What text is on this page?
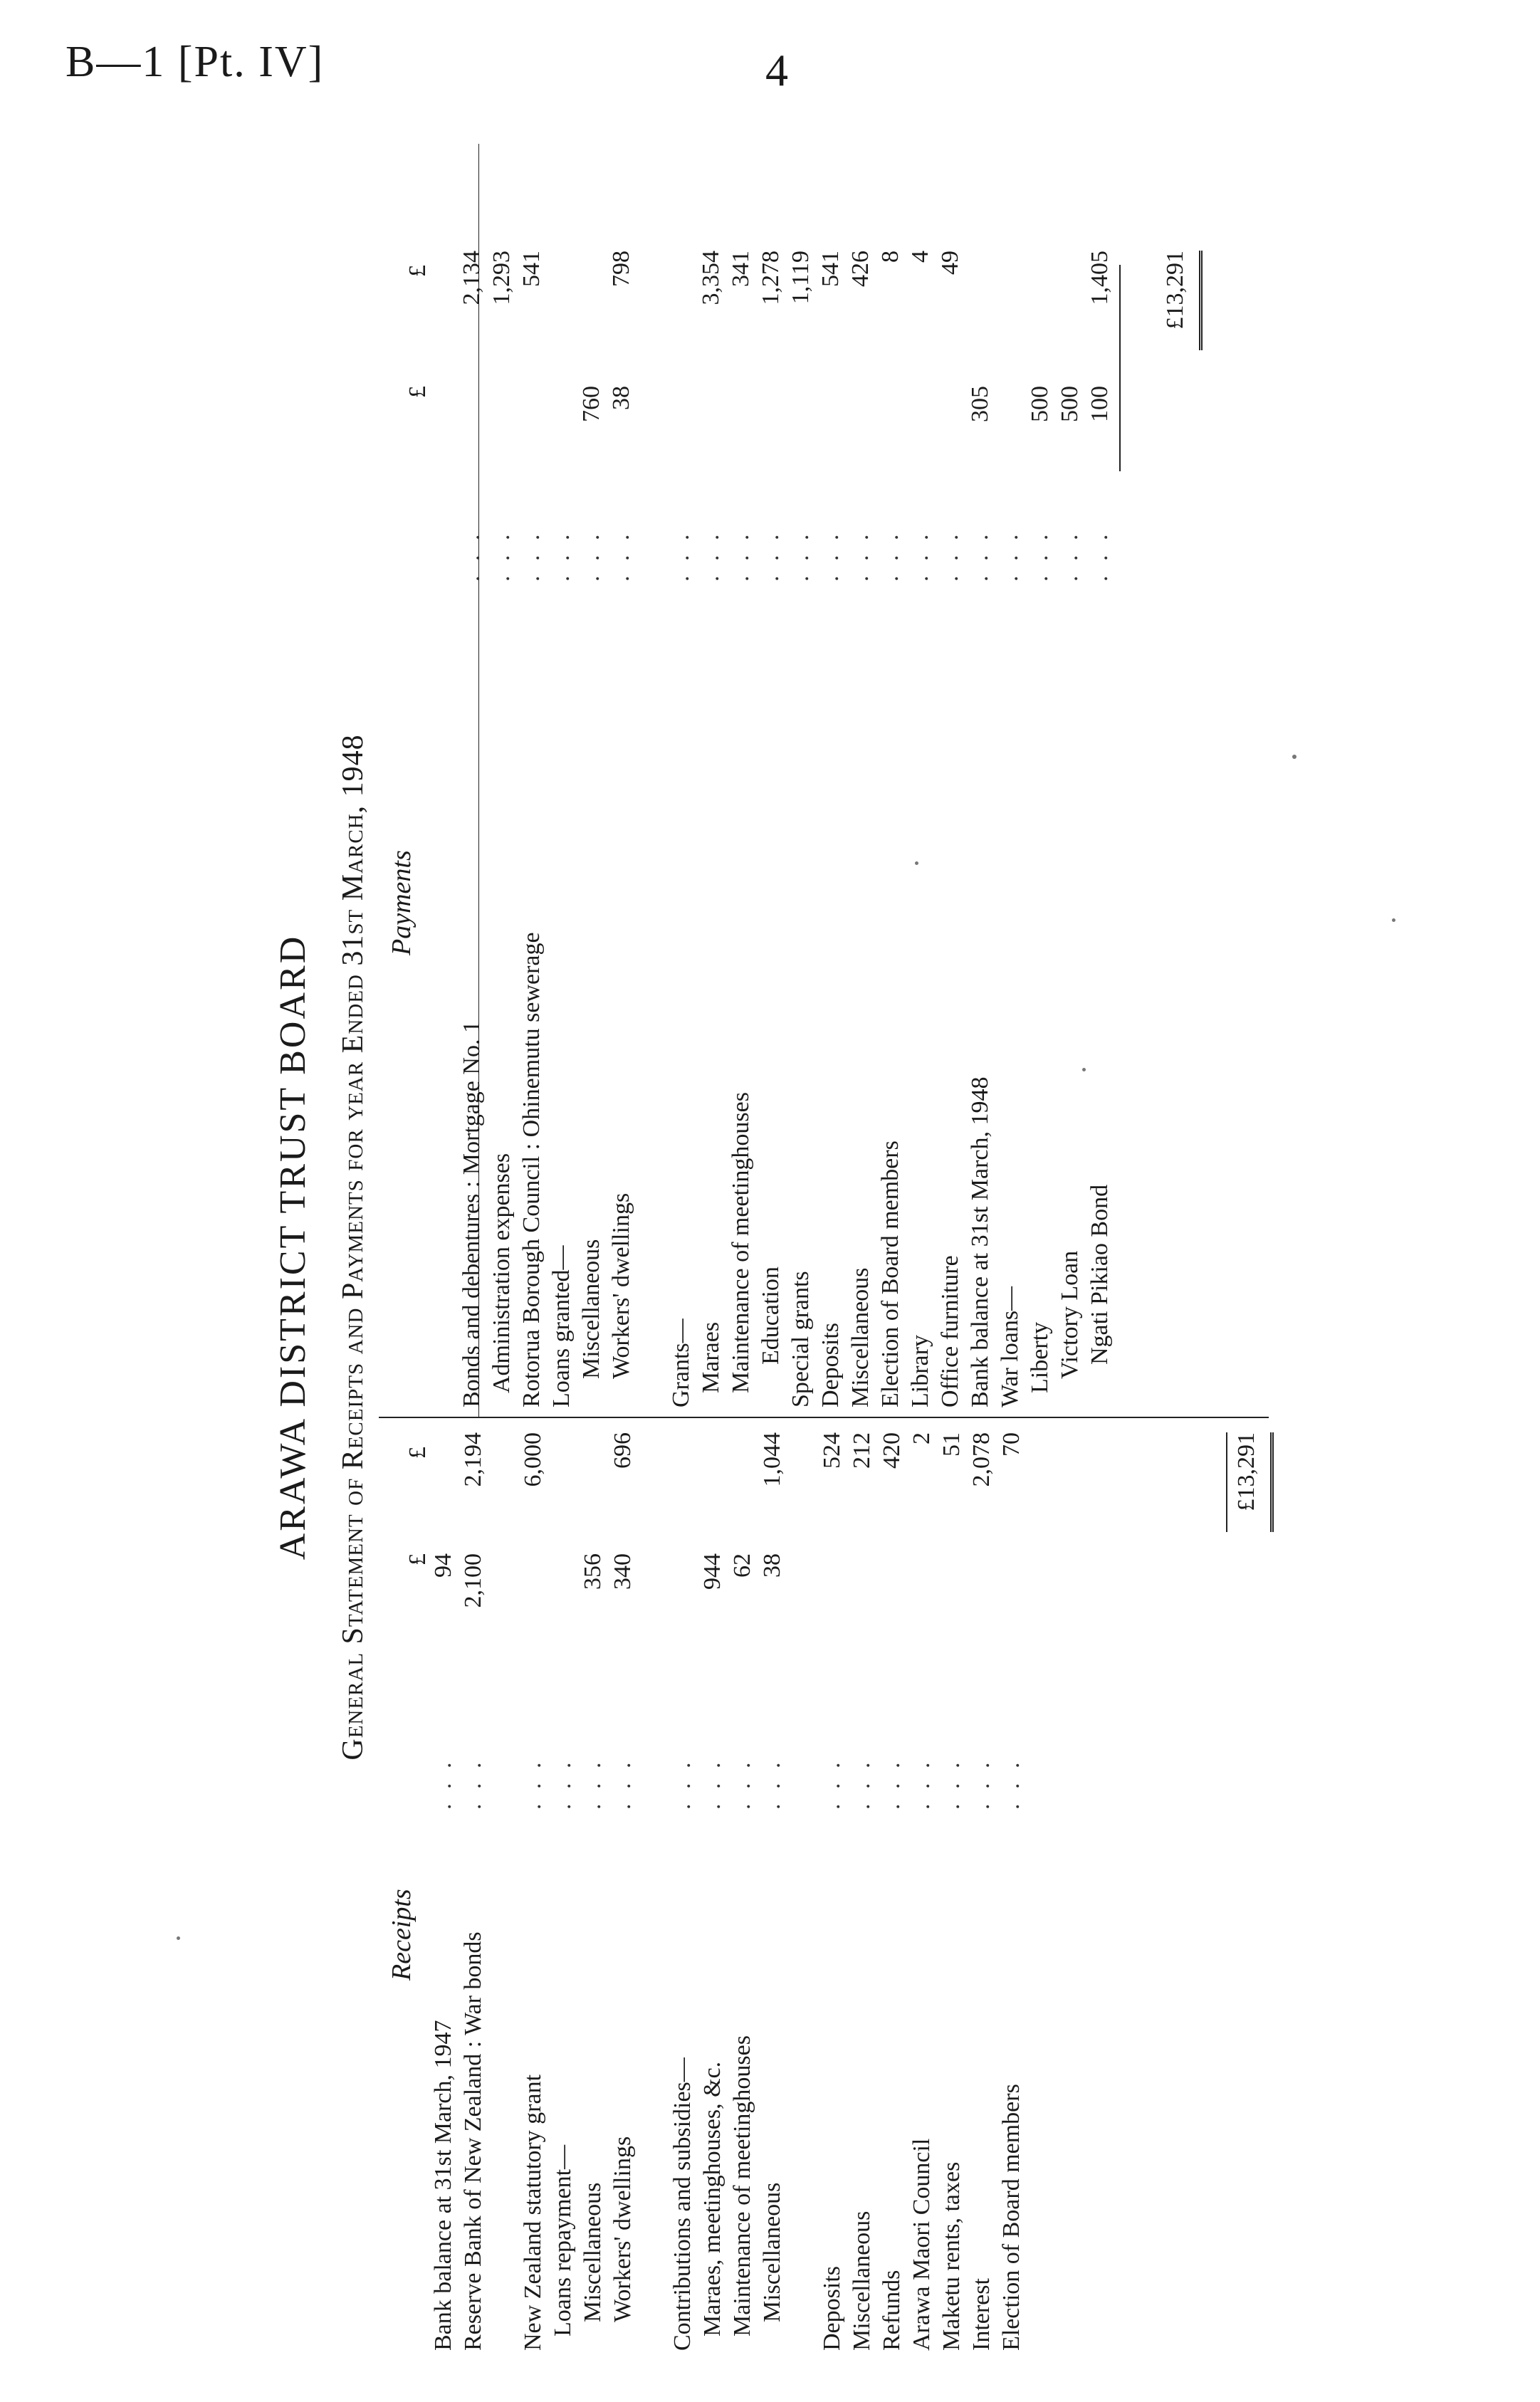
B—1 [Pt. IV]	4
ARAWA DISTRICT TRUST BOARD General Statement of Receipts and Payments for year Ended 31st March, 1948
Receipts
£
£
Bank balance at 31st March, 1947
. . .
94
Reserve Bank of New Zealand : War bonds
. . .
2,100
2,194
New Zealand statutory grant
. . .
6,000
Loans repayment—
. . .
Miscellaneous
. . .
356
Workers' dwellings
. . .
340
696
Contributions and subsidies—
. . .
Maraes, meetinghouses, &c.
. . .
944
Maintenance of meetinghouses
. . .
62
Miscellaneous
. . .
38
1,044
Deposits
. . .
524
Miscellaneous
. . .
212
Refunds
. . .
420
Arawa Maori Council
. . .
2
Maketu rents, taxes
. . .
51
Interest
. . .
2,078
Election of Board members
. . .
70	£13,291
Payments
£
£
Bonds and debentures : Mortgage No. 1
. . .
2,134
Administration expenses
. . .
1,293
Rotorua Borough Council : Ohinemutu sewerage
. . .
541
Loans granted—
. . .
Miscellaneous
. . .
760
Workers' dwellings
. . .
38
798
Grants—
. . .
Maraes
. . .
3,354
Maintenance of meetinghouses
. . .
341
Education
. . .
1,278
Special grants
. . .
1,119
Deposits
. . .
541
Miscellaneous
. . .
426
Election of Board members
. . .
8
Library
. . .
4
Office furniture
. . .
49
Bank balance at 31st March, 1948
. . .
305
War loans—
. . .
Liberty
. . .
500
Victory Loan
. . .
500
Ngati Pikiao Bond
. . .
100
1,405 £13,291
